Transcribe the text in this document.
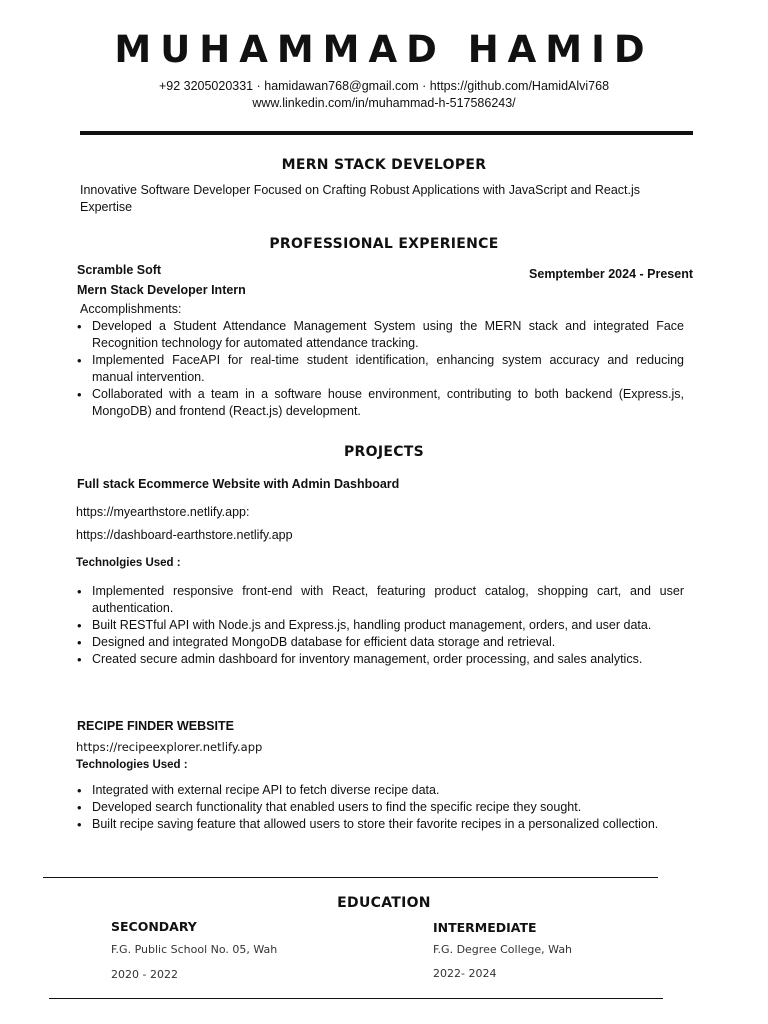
MUHAMMAD HAMID
+92 3205020331 · hamidawan768@gmail.com · https://github.com/HamidAlvi768
www.linkedin.com/in/muhammad-h-517586243/
MERN STACK DEVELOPER
Innovative Software Developer Focused on Crafting Robust Applications with JavaScript and React.js Expertise
PROFESSIONAL EXPERIENCE
Scramble Soft	Semptember 2024 - Present
Mern Stack Developer Intern
Accomplishments:
• Developed a Student Attendance Management System using the MERN stack and integrated Face Recognition technology for automated attendance tracking.
• Implemented FaceAPI for real-time student identification, enhancing system accuracy and reducing manual intervention.
• Collaborated with a team in a software house environment, contributing to both backend (Express.js, MongoDB) and frontend (React.js) development.
PROJECTS
Full stack Ecommerce Website with Admin Dashboard
https://myearthstore.netlify.app:
https://dashboard-earthstore.netlify.app
Technolgies Used :
• Implemented responsive front-end with React, featuring product catalog, shopping cart, and user authentication.
• Built RESTful API with Node.js and Express.js, handling product management, orders, and user data.
• Designed and integrated MongoDB database for efficient data storage and retrieval.
• Created secure admin dashboard for inventory management, order processing, and sales analytics.
RECIPE FINDER WEBSITE
https://recipeexplorer.netlify.app
Technologies Used :
• Integrated with external recipe API to fetch diverse recipe data.
• Developed search functionality that enabled users to find the specific recipe they sought.
• Built recipe saving feature that allowed users to store their favorite recipes in a personalized collection.
EDUCATION
SECONDARY
F.G. Public School No. 05, Wah
2020 - 2022
INTERMEDIATE
F.G. Degree College, Wah
2022- 2024
